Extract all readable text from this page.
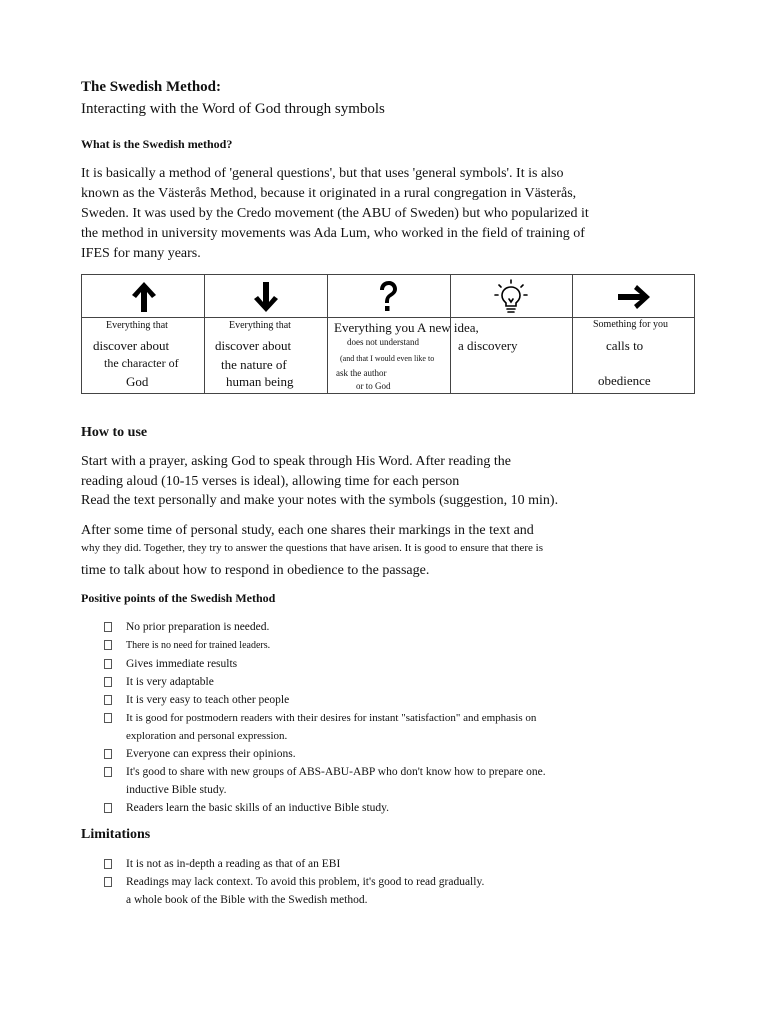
The Swedish Method:
Interacting with the Word of God through symbols
What is the Swedish method?
It is basically a method of 'general questions', but that uses 'general symbols'. It is also
known as the Västerås Method, because it originated in a rural congregation in Västerås,
Sweden. It was used by the Credo movement (the ABU of Sweden) but who popularized it
the method in university movements was Ada Lum, who worked in the field of training of
IFES for many years.
Everything that
discover about
the character of
God
Everything that
discover about
the nature of
human being
Everything you A new idea,
does not understand
(and that I would even like to
ask the author
or to God
a discovery
Something for you
calls to
obedience
How to use
Start with a prayer, asking God to speak through His Word. After reading the
reading aloud (10-15 verses is ideal), allowing time for each person
Read the text personally and make your notes with the symbols (suggestion, 10 min).
After some time of personal study, each one shares their markings in the text and
why they did. Together, they try to answer the questions that have arisen. It is good to ensure that there is
time to talk about how to respond in obedience to the passage.
Positive points of the Swedish Method
No prior preparation is needed.
There is no need for trained leaders.
Gives immediate results
It is very adaptable
It is very easy to teach other people
It is good for postmodern readers with their desires for instant "satisfaction" and emphasis on
exploration and personal expression.
Everyone can express their opinions.
It's good to share with new groups of ABS-ABU-ABP who don't know how to prepare one.
inductive Bible study.
Readers learn the basic skills of an inductive Bible study.
Limitations
It is not as in-depth a reading as that of an EBI
Readings may lack context. To avoid this problem, it's good to read gradually.
a whole book of the Bible with the Swedish method.
